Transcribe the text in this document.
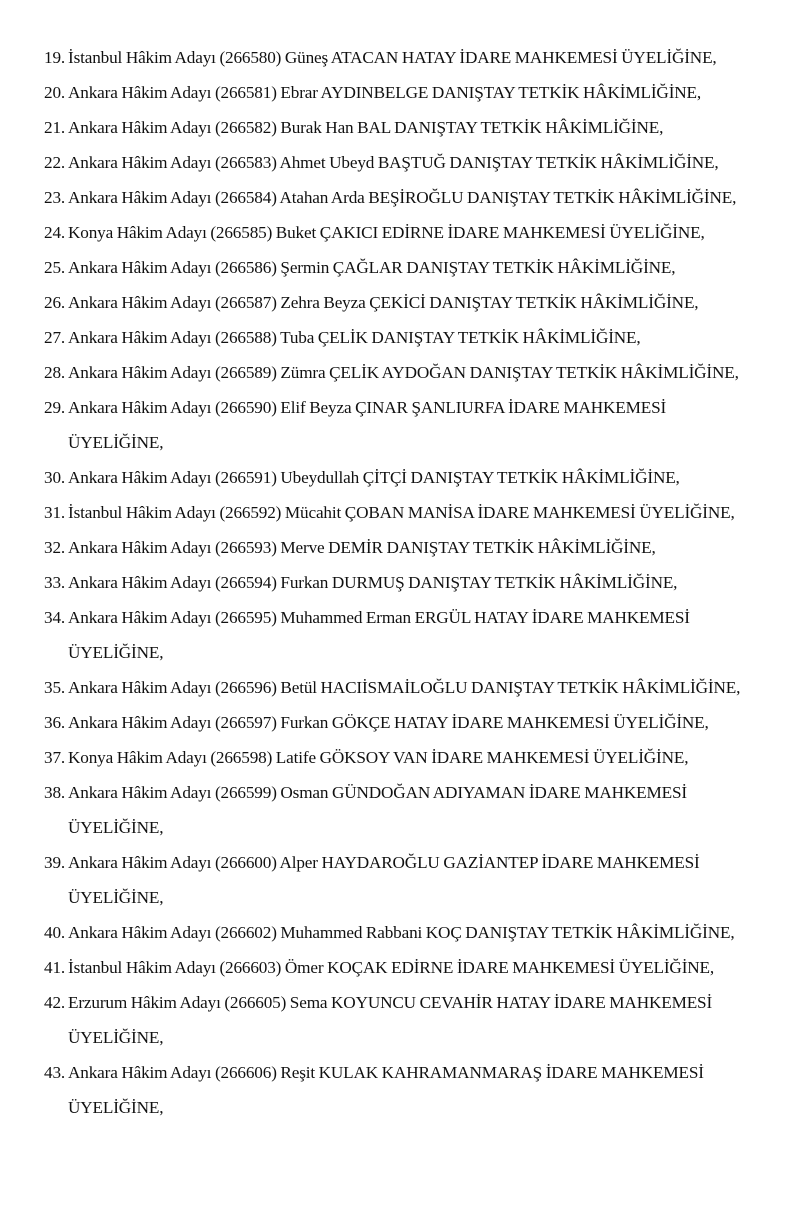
19. İstanbul Hâkim Adayı (266580) Güneş ATACAN HATAY İDARE MAHKEMESİ ÜYELİĞİNE,
20. Ankara Hâkim Adayı (266581) Ebrar AYDINBELGE DANIŞTAY TETKİK HÂKİMLİĞİNE,
21. Ankara Hâkim Adayı (266582) Burak Han BAL DANIŞTAY TETKİK HÂKİMLİĞİNE,
22. Ankara Hâkim Adayı (266583) Ahmet Ubeyd BAŞTUĞ DANIŞTAY TETKİK HÂKİMLİĞİNE,
23. Ankara Hâkim Adayı (266584) Atahan Arda BEŞİROĞLU DANIŞTAY TETKİK HÂKİMLİĞİNE,
24. Konya Hâkim Adayı (266585) Buket ÇAKICI EDİRNE İDARE MAHKEMESİ ÜYELİĞİNE,
25. Ankara Hâkim Adayı (266586) Şermin ÇAĞLAR DANIŞTAY TETKİK HÂKİMLİĞİNE,
26. Ankara Hâkim Adayı (266587) Zehra Beyza ÇEKİCİ DANIŞTAY TETKİK HÂKİMLİĞİNE,
27. Ankara Hâkim Adayı (266588) Tuba ÇELİK DANIŞTAY TETKİK HÂKİMLİĞİNE,
28. Ankara Hâkim Adayı (266589) Zümra ÇELİK AYDOĞAN DANIŞTAY TETKİK HÂKİMLİĞİNE,
29. Ankara Hâkim Adayı (266590) Elif Beyza ÇINAR ŞANLIURFA İDARE MAHKEMESİ
ÜYELİĞİNE,
30. Ankara Hâkim Adayı (266591) Ubeydullah ÇİTÇİ DANIŞTAY TETKİK HÂKİMLİĞİNE,
31. İstanbul Hâkim Adayı (266592) Mücahit ÇOBAN MANİSA İDARE MAHKEMESİ ÜYELİĞİNE,
32. Ankara Hâkim Adayı (266593) Merve DEMİR DANIŞTAY TETKİK HÂKİMLİĞİNE,
33. Ankara Hâkim Adayı (266594) Furkan DURMUŞ DANIŞTAY TETKİK HÂKİMLİĞİNE,
34. Ankara Hâkim Adayı (266595) Muhammed Erman ERGÜL HATAY İDARE MAHKEMESİ
ÜYELİĞİNE,
35. Ankara Hâkim Adayı (266596) Betül HACIİSMAİLOĞLU DANIŞTAY TETKİK HÂKİMLİĞİNE,
36. Ankara Hâkim Adayı (266597) Furkan GÖKÇE HATAY İDARE MAHKEMESİ ÜYELİĞİNE,
37. Konya Hâkim Adayı (266598) Latife GÖKSOY VAN İDARE MAHKEMESİ ÜYELİĞİNE,
38. Ankara Hâkim Adayı (266599) Osman GÜNDOĞAN ADIYAMAN İDARE MAHKEMESİ
ÜYELİĞİNE,
39. Ankara Hâkim Adayı (266600) Alper HAYDAROĞLU GAZİANTEP İDARE MAHKEMESİ
ÜYELİĞİNE,
40. Ankara Hâkim Adayı (266602) Muhammed Rabbani KOÇ DANIŞTAY TETKİK HÂKİMLİĞİNE,
41. İstanbul Hâkim Adayı (266603) Ömer KOÇAK EDİRNE İDARE MAHKEMESİ ÜYELİĞİNE,
42. Erzurum Hâkim Adayı (266605) Sema KOYUNCU CEVAHİR HATAY İDARE MAHKEMESİ
ÜYELİĞİNE,
43. Ankara Hâkim Adayı (266606) Reşit KULAK KAHRAMANMARAŞ İDARE MAHKEMESİ
ÜYELİĞİNE,
